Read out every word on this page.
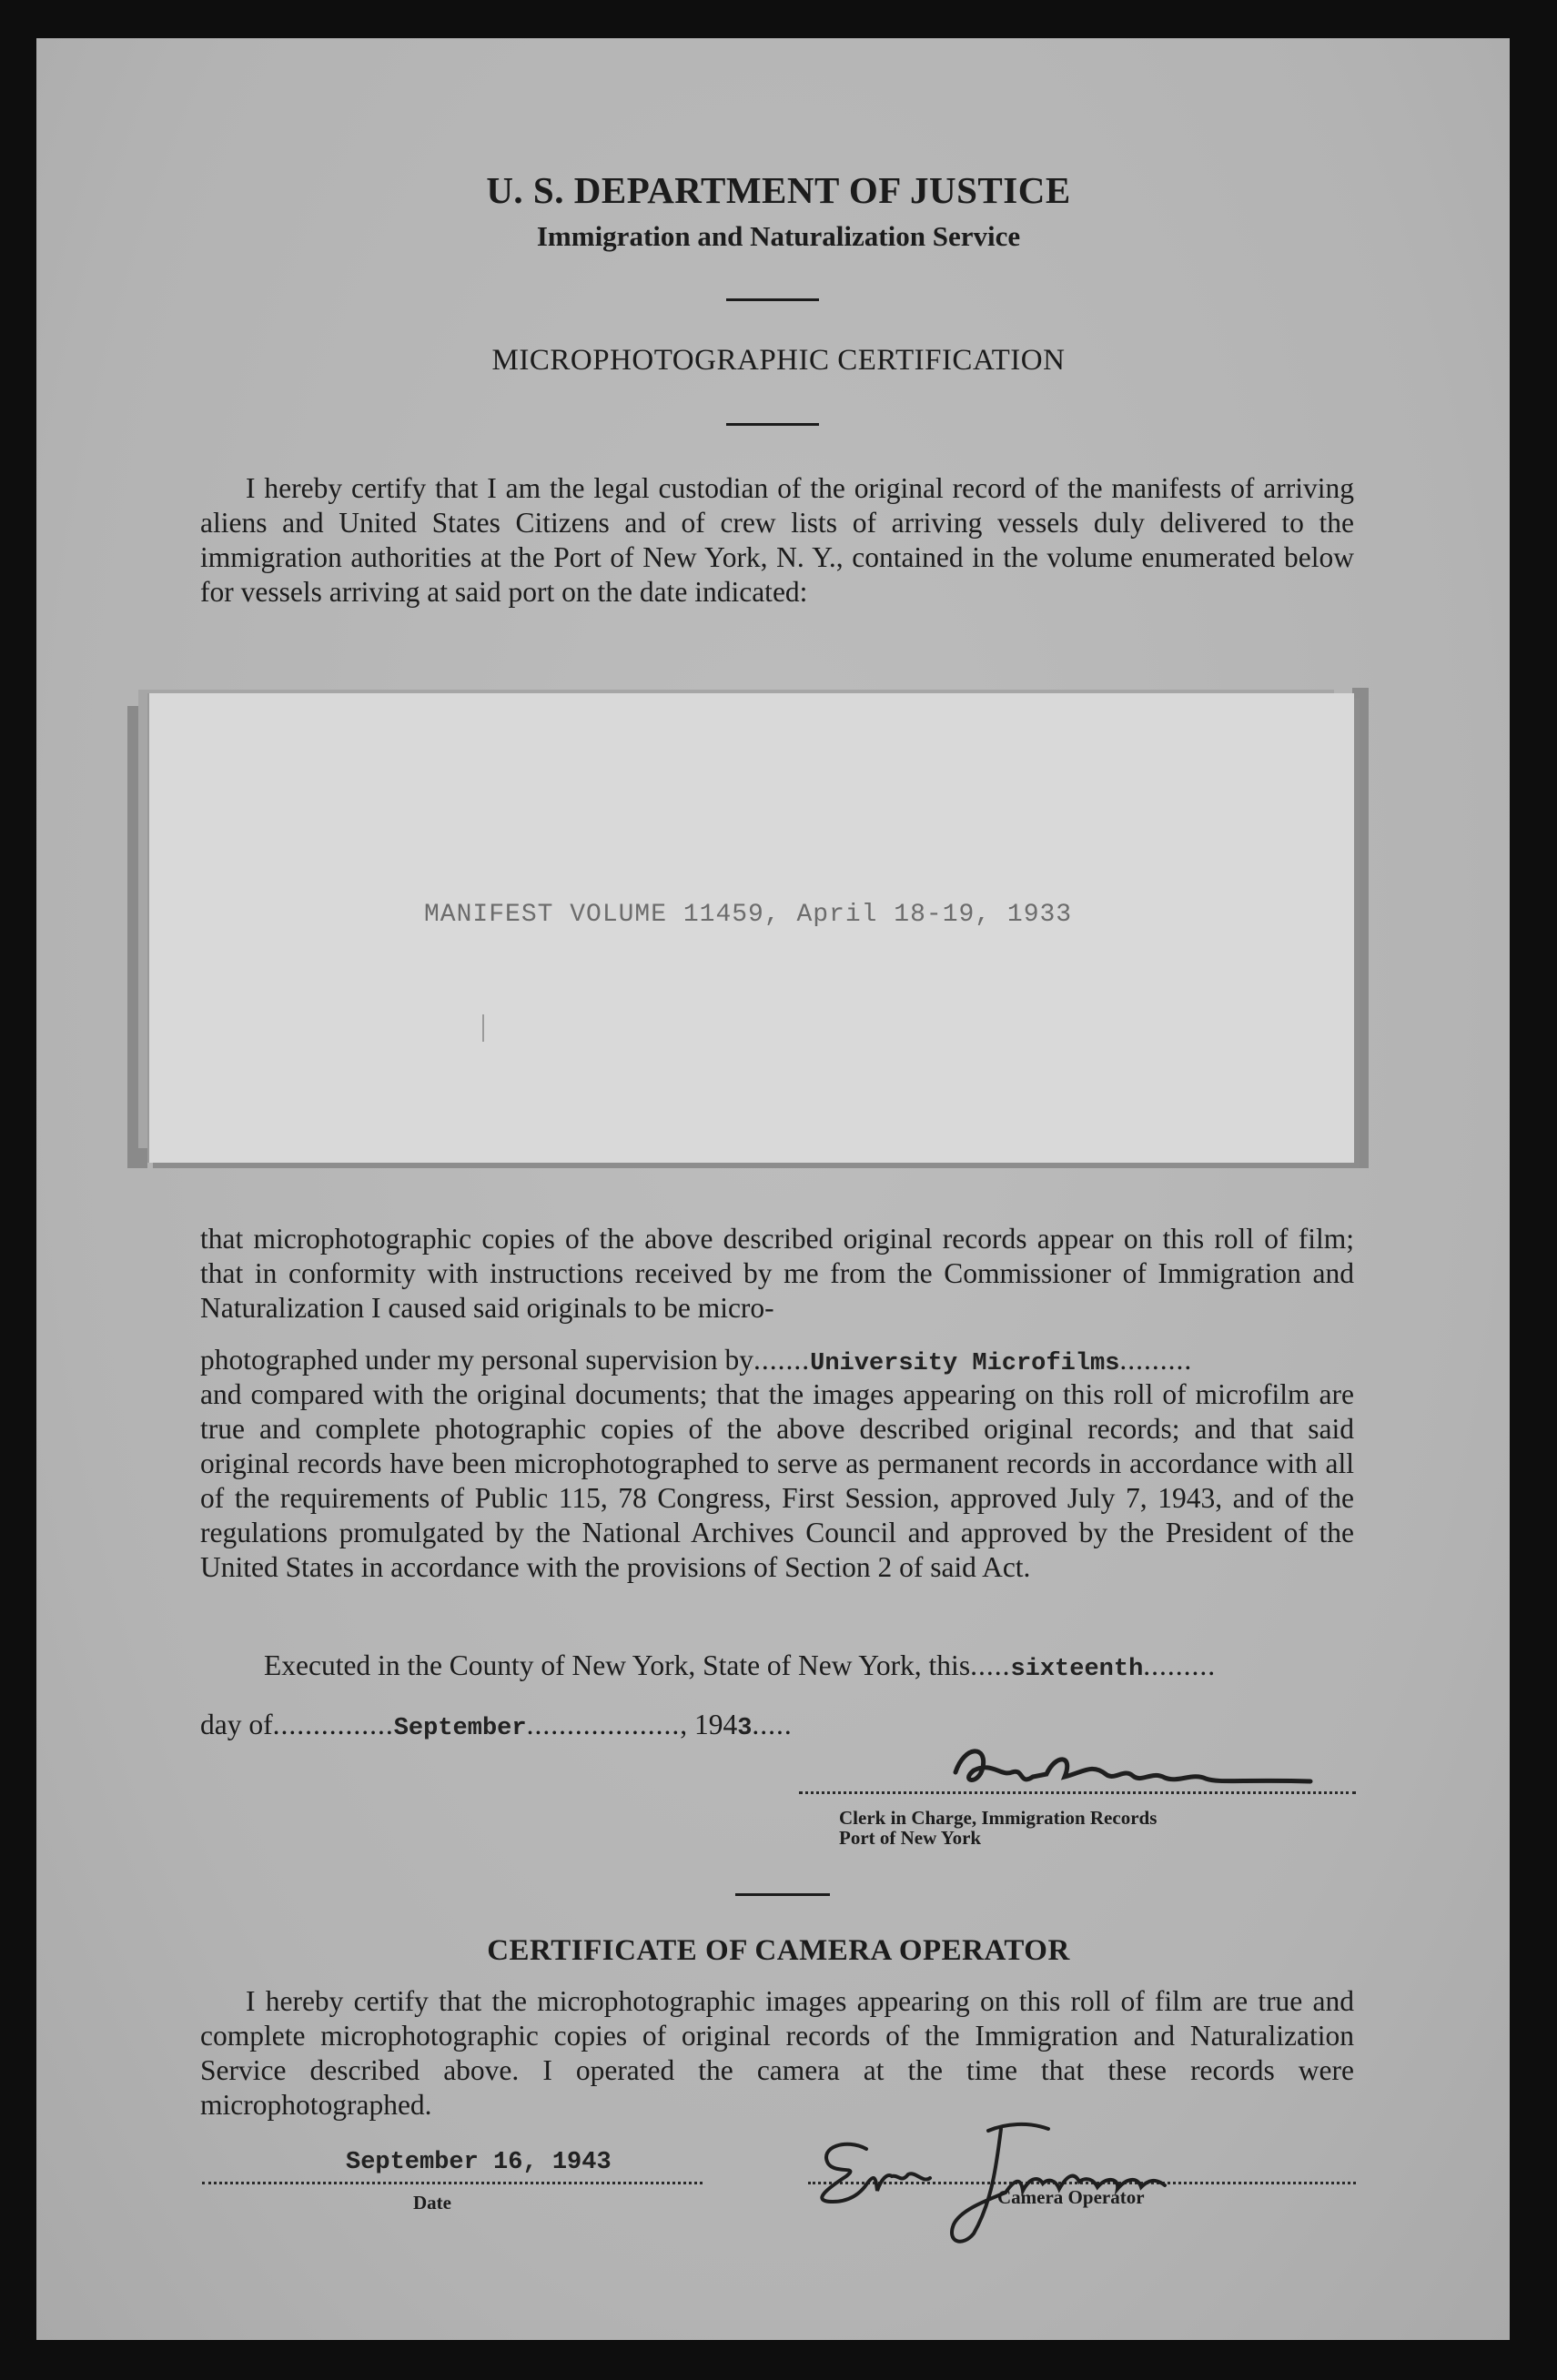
U. S. DEPARTMENT OF JUSTICE
Immigration and Naturalization Service
MICROPHOTOGRAPHIC CERTIFICATION

I hereby certify that I am the legal custodian of the original record of the manifests of arriving aliens and United States Citizens and of crew lists of arriving vessels duly delivered to the immigration authorities at the Port of New York, N. Y., contained in the volume enumerated below for vessels arriving at said port on the date indicated:

MANIFEST VOLUME 11459, April 18-19, 1933

that microphotographic copies of the above described original records appear on this roll of film; that in conformity with instructions received by me from the Commissioner of Immigration and Naturalization I caused said originals to be micro-

photographed under my personal supervision by.......University Microfilms.........

and compared with the original documents; that the images appearing on this roll of microfilm are true and complete photographic copies of the above described original records; and that said original records have been microphotographed to serve as permanent records in accordance with all of the requirements of Public 115, 78 Congress, First Session, approved July 7, 1943, and of the regulations promulgated by the National Archives Council and approved by the President of the United States in accordance with the provisions of Section 2 of said Act.

Executed in the County of New York, State of New York, this.....sixteenth.........
day of...............September..................., 1943.....
Clerk in Charge, Immigration Records
Port of New York
CERTIFICATE OF CAMERA OPERATOR

I hereby certify that the microphotographic images appearing on this roll of film are true and complete microphotographic copies of original records of the Immigration and Naturalization Service described above. I operated the camera at the time that these records were microphotographed.

September 16, 1943
Date	Camera Operator
